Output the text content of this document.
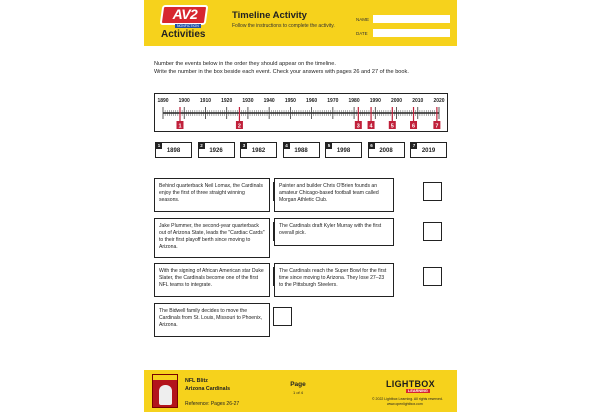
AV2
NONFICTION
Activities
Timeline Activity
Follow the instructions to complete the activity.
NAME
DATE
Number the events below in the order they should appear on the timeline.
Write the number in the box beside each event. Check your answers with pages 26 and 27 of the book.
1890 1900 1910 1920 1930 1940 1950 1960 1970 1980 1990 2000 2010 2020
1	2	3 4	5	6	7
1
1898
2
1926
3
1982
4
1988
5
1998
6
2008
7
2019
Behind quarterback Neil Lomax, the Cardinals enjoy the first of three straight winning seasons.
Painter and builder Chris O'Brien founds an amateur Chicago-based football team called Morgan Athletic Club.
Jake Plummer, the second-year quarterback out of Arizona State, leads the "Cardiac Cards" to their first playoff berth since moving to Arizona.
The Cardinals draft Kyler Murray with the first overall pick.
With the signing of African American star Duke Slater, the Cardinals become one of the first NFL teams to integrate.
The Cardinals reach the Super Bowl for the first time since moving to Arizona. They lose 27–23 to the Pittsburgh Steelers.
The Bidwell family decides to move the Cardinals from St. Louis, Missouri to Phoenix, Arizona.
NFL Blitz
Arizona Cardinals
Reference: Pages 26-27
Page
1 of 4
LIGHTBOX
LEARNING
© 2022 Lightbox Learning. All rights reserved.
www.openlightbox.com
